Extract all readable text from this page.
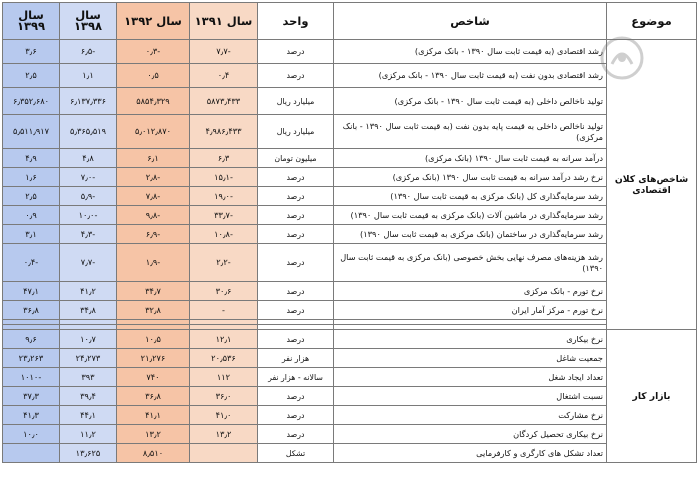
سال ۱۳۹۹	سال ۱۳۹۸	سال ۱۳۹۲	سال ۱۳۹۱	واحد	شاخص	موضوع
۳٫۶	-۶٫۵	-۰٫۳	-۷٫۷	درصد	رشد اقتصادی (به قیمت ثابت سال ۱۳۹۰ - بانک مرکزی)	شاخص‌های کلان اقتصادی
۲٫۵	۱٫۱	۰٫۵	۰٫۴	درصد	رشد اقتصادی بدون نفت (به قیمت ثابت سال ۱۳۹۰ - بانک مرکزی)	
۶٫۳۵۲٫۶۸۰	۶٫۱۳۷٫۳۳۶	۵۸۵۴٫۳۲۹	۵۸۷۳٫۴۳۳	میلیارد ریال	تولید ناخالص داخلی (به قیمت ثابت سال ۱۳۹۰ - بانک مرکزی)	
۵٫۵۱۱٫۹۱۷	۵٫۳۶۵٫۵۱۹	۵٫۰۱۲٫۸۷۰	۴٫۹۸۶٫۴۳۳	میلیارد ریال	تولید ناخالص داخلی به قیمت پایه بدون نفت (به قیمت ثابت سال ۱۳۹۰ - بانک مرکزی)	
۴٫۹	۴٫۸	۶٫۱	۶٫۳	میلیون تومان	درآمد سرانه به قیمت ثابت سال ۱۳۹۰ (بانک مرکزی)	
۱٫۶	-۷٫۰	-۲٫۸	-۱۵٫۱	درصد	نرخ رشد درآمد سرانه به قیمت ثابت سال ۱۳۹۰ (بانک مرکزی)	
۲٫۵	-۵٫۹	-۷٫۸	-۱۹٫۰	درصد	رشد سرمایه‌گذاری کل (بانک مرکزی به قیمت ثابت سال ۱۳۹۰)	
۰٫۹	-۱۰٫۰	-۹٫۸	-۳۳٫۷	درصد	رشد سرمایه‌گذاری در ماشین آلات (بانک مرکزی به قیمت ثابت سال ۱۳۹۰)	
۳٫۱	-۴٫۳	-۶٫۹	-۱۰٫۸	درصد	رشد سرمایه‌گذاری در ساختمان (بانک مرکزی به قیمت ثابت سال ۱۳۹۰)	
-۰٫۴	-۷٫۷	-۱٫۹	-۲٫۲	درصد	رشد هزینه‌های مصرف نهایی بخش خصوصی (بانک مرکزی به قیمت ثابت سال ۱۳۹۰)	
۴۷٫۱	۴۱٫۲	۳۴٫۷	۳۰٫۶	درصد	نرخ تورم - بانک مرکزی	
۳۶٫۸	۳۴٫۸	۳۲٫۸	-	درصد	نرخ تورم - مرکز آمار ایران	

۹٫۶	۱۰٫۷	۱۰٫۵	۱۲٫۱	درصد	نرخ بیکاری	بازار کار
۲۳٫۲۶۳	۲۴٫۲۷۳	۲۱٫۲۷۶	۲۰٫۵۳۶	هزار نفر	جمعیت شاغل	
-۱۰۱۰	۳۹۳	۷۴۰	۱۱۲	سالانه - هزار نفر	تعداد ایجاد شغل	
۳۷٫۳	۳۹٫۴	۳۶٫۸	۳۶٫۰	درصد	نسبت اشتغال	
۴۱٫۳	۴۴٫۱	۴۱٫۱	۴۱٫۰	درصد	نرخ مشارکت	
۱۰٫۰	۱۱٫۲	۱۳٫۲	۱۳٫۲	درصد	نرخ بیکاری تحصیل کردگان	
	۱۳٫۶۲۵	۸٫۵۱۰		تشکل	تعداد تشکل های کارگری و کارفرمایی	
